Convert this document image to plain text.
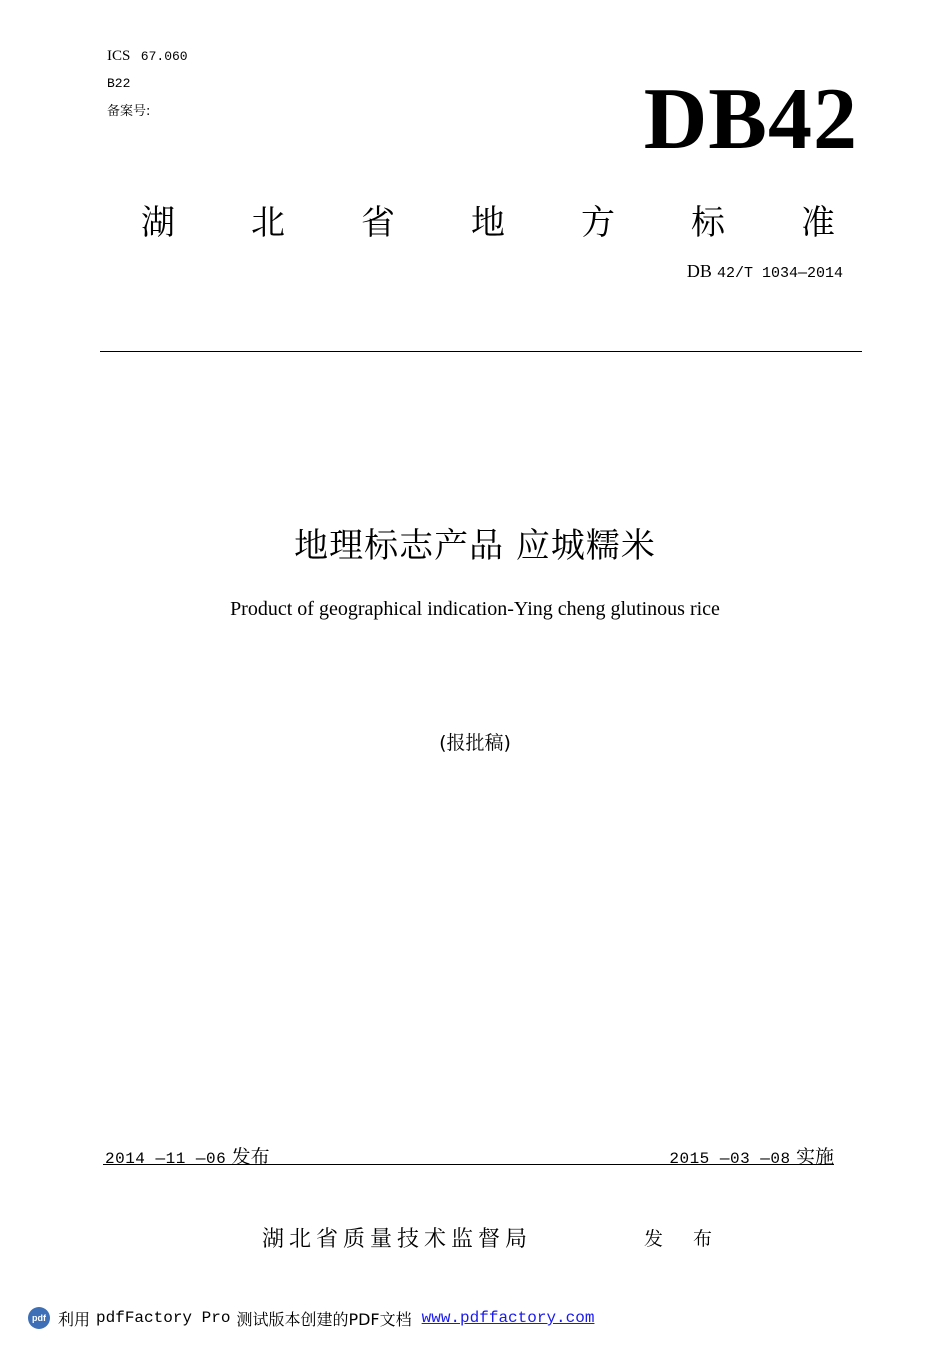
ICS 67.060
B22
备案号:	DB42
湖	北	省	地	方	标	准
DB 42/T 1034—2014
地理标志产品 应城糯米
Product of geographical indication-Ying cheng glutinous rice
(报批稿)
2014 —11 —06 发布	2015 —03 —08 实施
湖北省质量技术监督局	发 布
pdf 利用 pdfFactory Pro 测试版本创建的PDF文档 www.pdffactory.com
